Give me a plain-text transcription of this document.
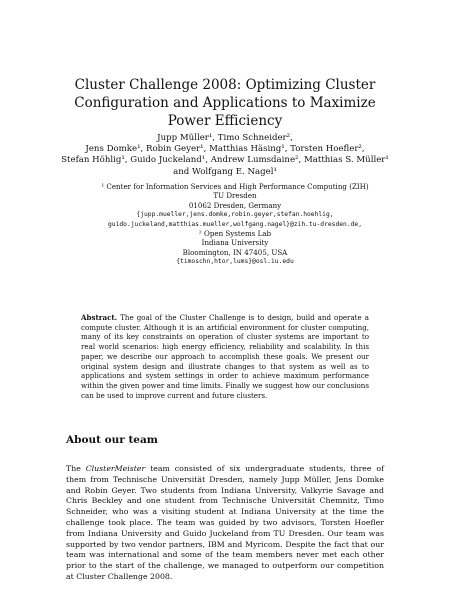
Cluster Challenge 2008: Optimizing Cluster
Configuration and Applications to Maximize
Power Efficiency
Jupp Müller¹, Timo Schneider²,
Jens Domke¹, Robin Geyer¹, Matthias Häsing¹, Torsten Hoefler²,
Stefan Höhlig¹, Guido Juckeland¹, Andrew Lumsdaine², Matthias S. Müller¹
and Wolfgang E. Nagel¹
¹ Center for Information Services and High Performance Computing (ZIH)
TU Dresden
01062 Dresden, Germany
{jupp.mueller,jens.domke,robin.geyer,stefan.hoehlig,
guido.juckeland,matthias.mueller,wolfgang.nagel}@zih.tu-dresden.de,
² Open Systems Lab
Indiana University
Bloomington, IN 47405, USA
{timoschn,htor,lums}@osl.iu.edu
Abstract. The goal of the Cluster Challenge is to design, build and operate a compute cluster. Although it is an artificial environment for cluster computing, many of its key constraints on operation of cluster systems are important to real world scenarios: high energy efficiency, reliability and scalability. In this paper, we describe our approach to accomplish these goals. We present our original system design and illustrate changes to that system as well as to applications and system settings in order to achieve maximum performance within the given power and time limits. Finally we suggest how our conclusions can be used to improve current and future clusters.
About our team
The ClusterMeister team consisted of six undergraduate students, three of them from Technische Universität Dresden, namely Jupp Müller, Jens Domke and Robin Geyer. Two students from Indiana University, Valkyrie Savage and Chris Beckley and one student from Technische Universität Chemnitz, Timo Schneider, who was a visiting student at Indiana University at the time the challenge took place. The team was guided by two advisors, Torsten Hoefler from Indiana University and Guido Juckeland from TU Dresden. Our team was supported by two vendor partners, IBM and Myricom. Despite the fact that our team was international and some of the team members never met each other prior to the start of the challenge, we managed to outperform our competition at Cluster Challenge 2008.
